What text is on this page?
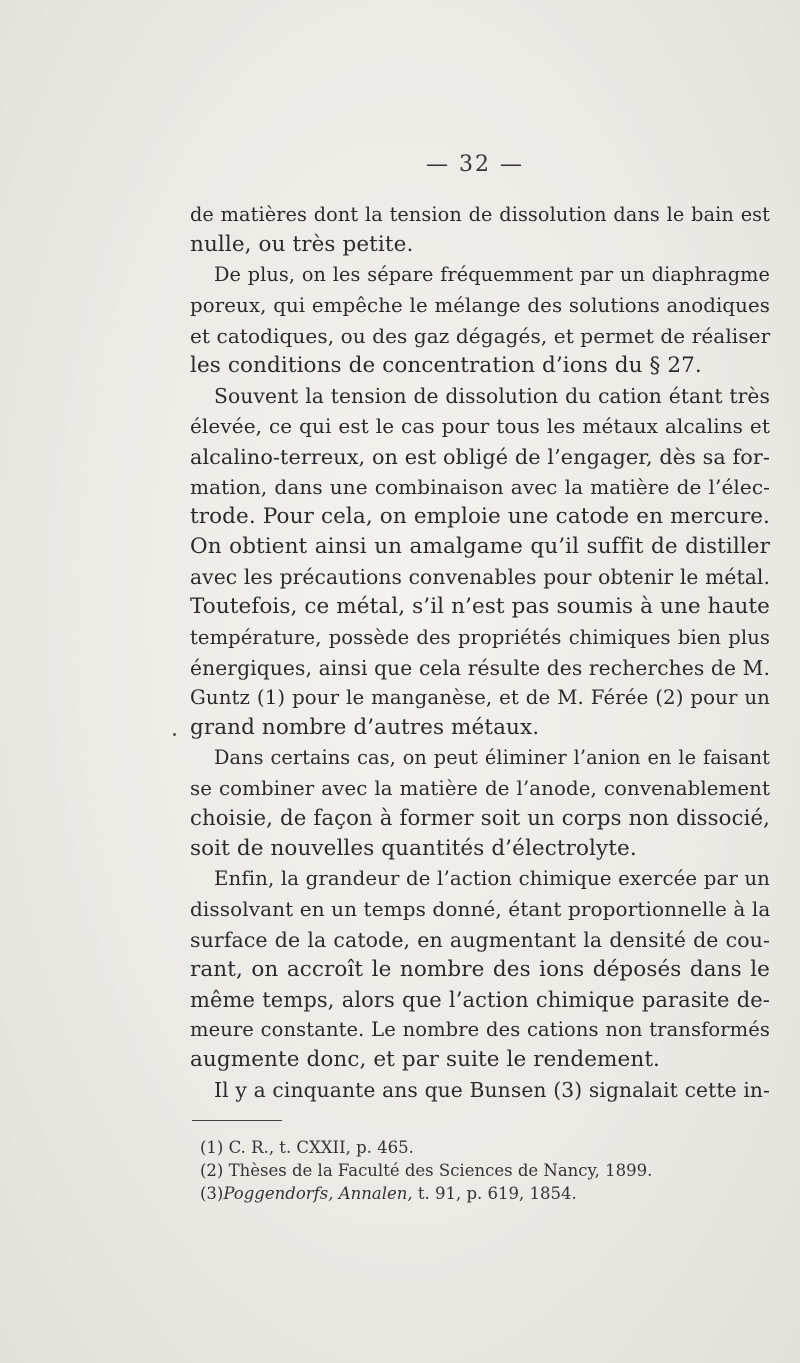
— 32 —
de matières dont la tension de dissolution dans le bain est
nulle, ou très petite.
De plus, on les sépare fréquemment par un diaphragme
poreux, qui empêche le mélange des solutions anodiques
et catodiques, ou des gaz dégagés, et permet de réaliser
les conditions de concentration d’ions du § 27.
Souvent la tension de dissolution du cation étant très
élevée, ce qui est le cas pour tous les métaux alcalins et
alcalino-terreux, on est obligé de l’engager, dès sa for-
mation, dans une combinaison avec la matière de l’élec-
trode. Pour cela, on emploie une catode en mercure.
On obtient ainsi un amalgame qu’il suffit de distiller
avec les précautions convenables pour obtenir le métal.
Toutefois, ce métal, s’il n’est pas soumis à une haute
température, possède des propriétés chimiques bien plus
énergiques, ainsi que cela résulte des recherches de M.
Guntz (1) pour le manganèse, et de M. Férée (2) pour un
grand nombre d’autres métaux.
Dans certains cas, on peut éliminer l’anion en le faisant
se combiner avec la matière de l’anode, convenablement
choisie, de façon à former soit un corps non dissocié,
soit de nouvelles quantités d’électrolyte.
Enfin, la grandeur de l’action chimique exercée par un
dissolvant en un temps donné, étant proportionnelle à la
surface de la catode, en augmentant la densité de cou-
rant, on accroît le nombre des ions déposés dans le
même temps, alors que l’action chimique parasite de-
meure constante. Le nombre des cations non transformés
augmente donc, et par suite le rendement.
Il y a cinquante ans que Bunsen (3) signalait cette in-
(1) C. R., t. CXXII, p. 465.
(2) Thèses de la Faculté des Sciences de Nancy, 1899.
(3)Poggendorfs, Annalen, t. 91, p. 619, 1854.
